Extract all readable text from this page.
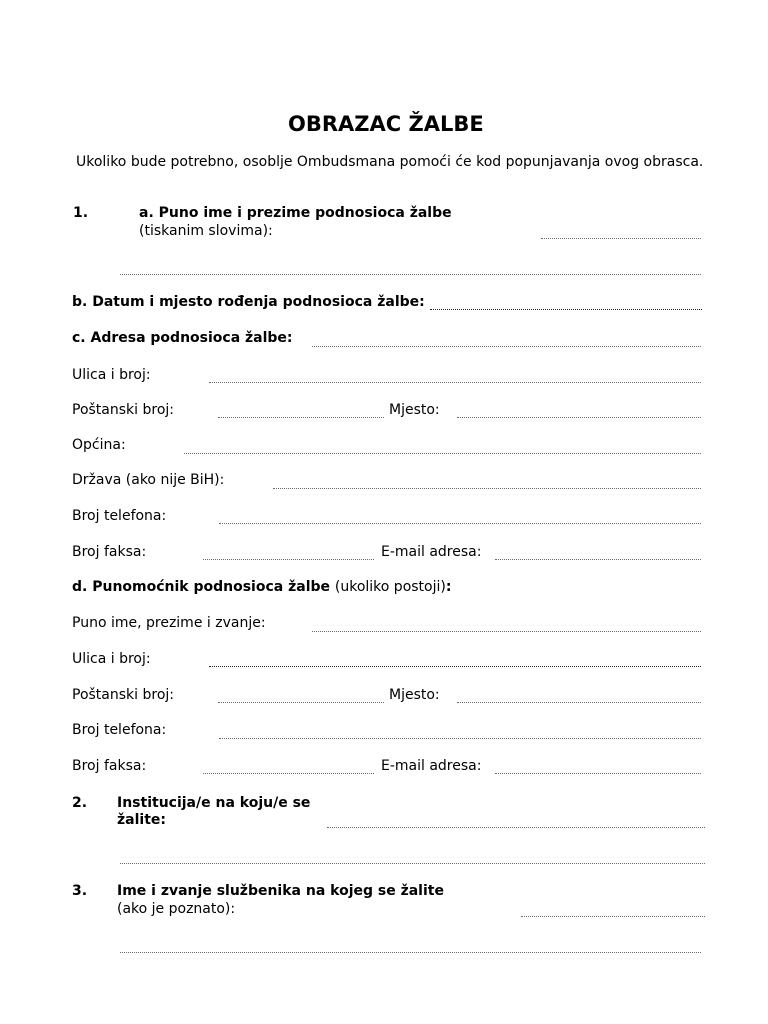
OBRAZAC ŽALBE
Ukoliko bude potrebno, osoblje Ombudsmana pomoći će kod popunjavanja ovog obrasca.
1.	a. Puno ime i prezime podnosioca žalbe
(tiskanim slovima):
b. Datum i mjesto rođenja podnosioca žalbe:
c. Adresa podnosioca žalbe:
Ulica i broj:
Poštanski broj:	Mjesto:
Općina:
Država (ako nije BiH):
Broj telefona:
Broj faksa:	E-mail adresa:
d. Punomoćnik podnosioca žalbe (ukoliko postoji):
Puno ime, prezime i zvanje:
Ulica i broj:
Poštanski broj:	Mjesto:
Broj telefona:
Broj faksa:	E-mail adresa:
2. Institucija/e na koju/e se
žalite:
3. Ime i zvanje službenika na kojeg se žalite
(ako je poznato):
